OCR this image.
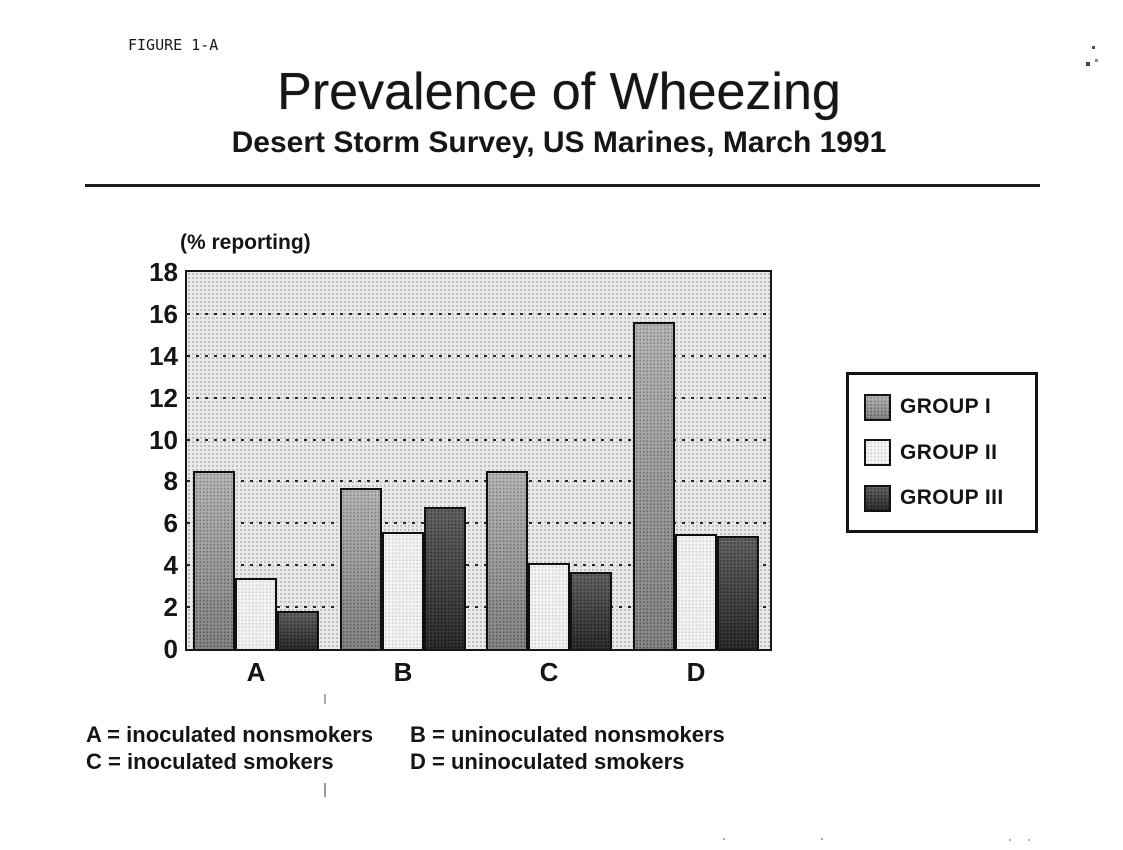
FIGURE 1-A
Prevalence of Wheezing
Desert Storm Survey, US Marines, March 1991
(% reporting)
0
2
4
6
8
10
12
14
16
18
A	B	C	D
GROUP I
GROUP II
GROUP III
A = inoculated nonsmokers	B = uninoculated nonsmokers
C = inoculated smokers	D = uninoculated smokers
